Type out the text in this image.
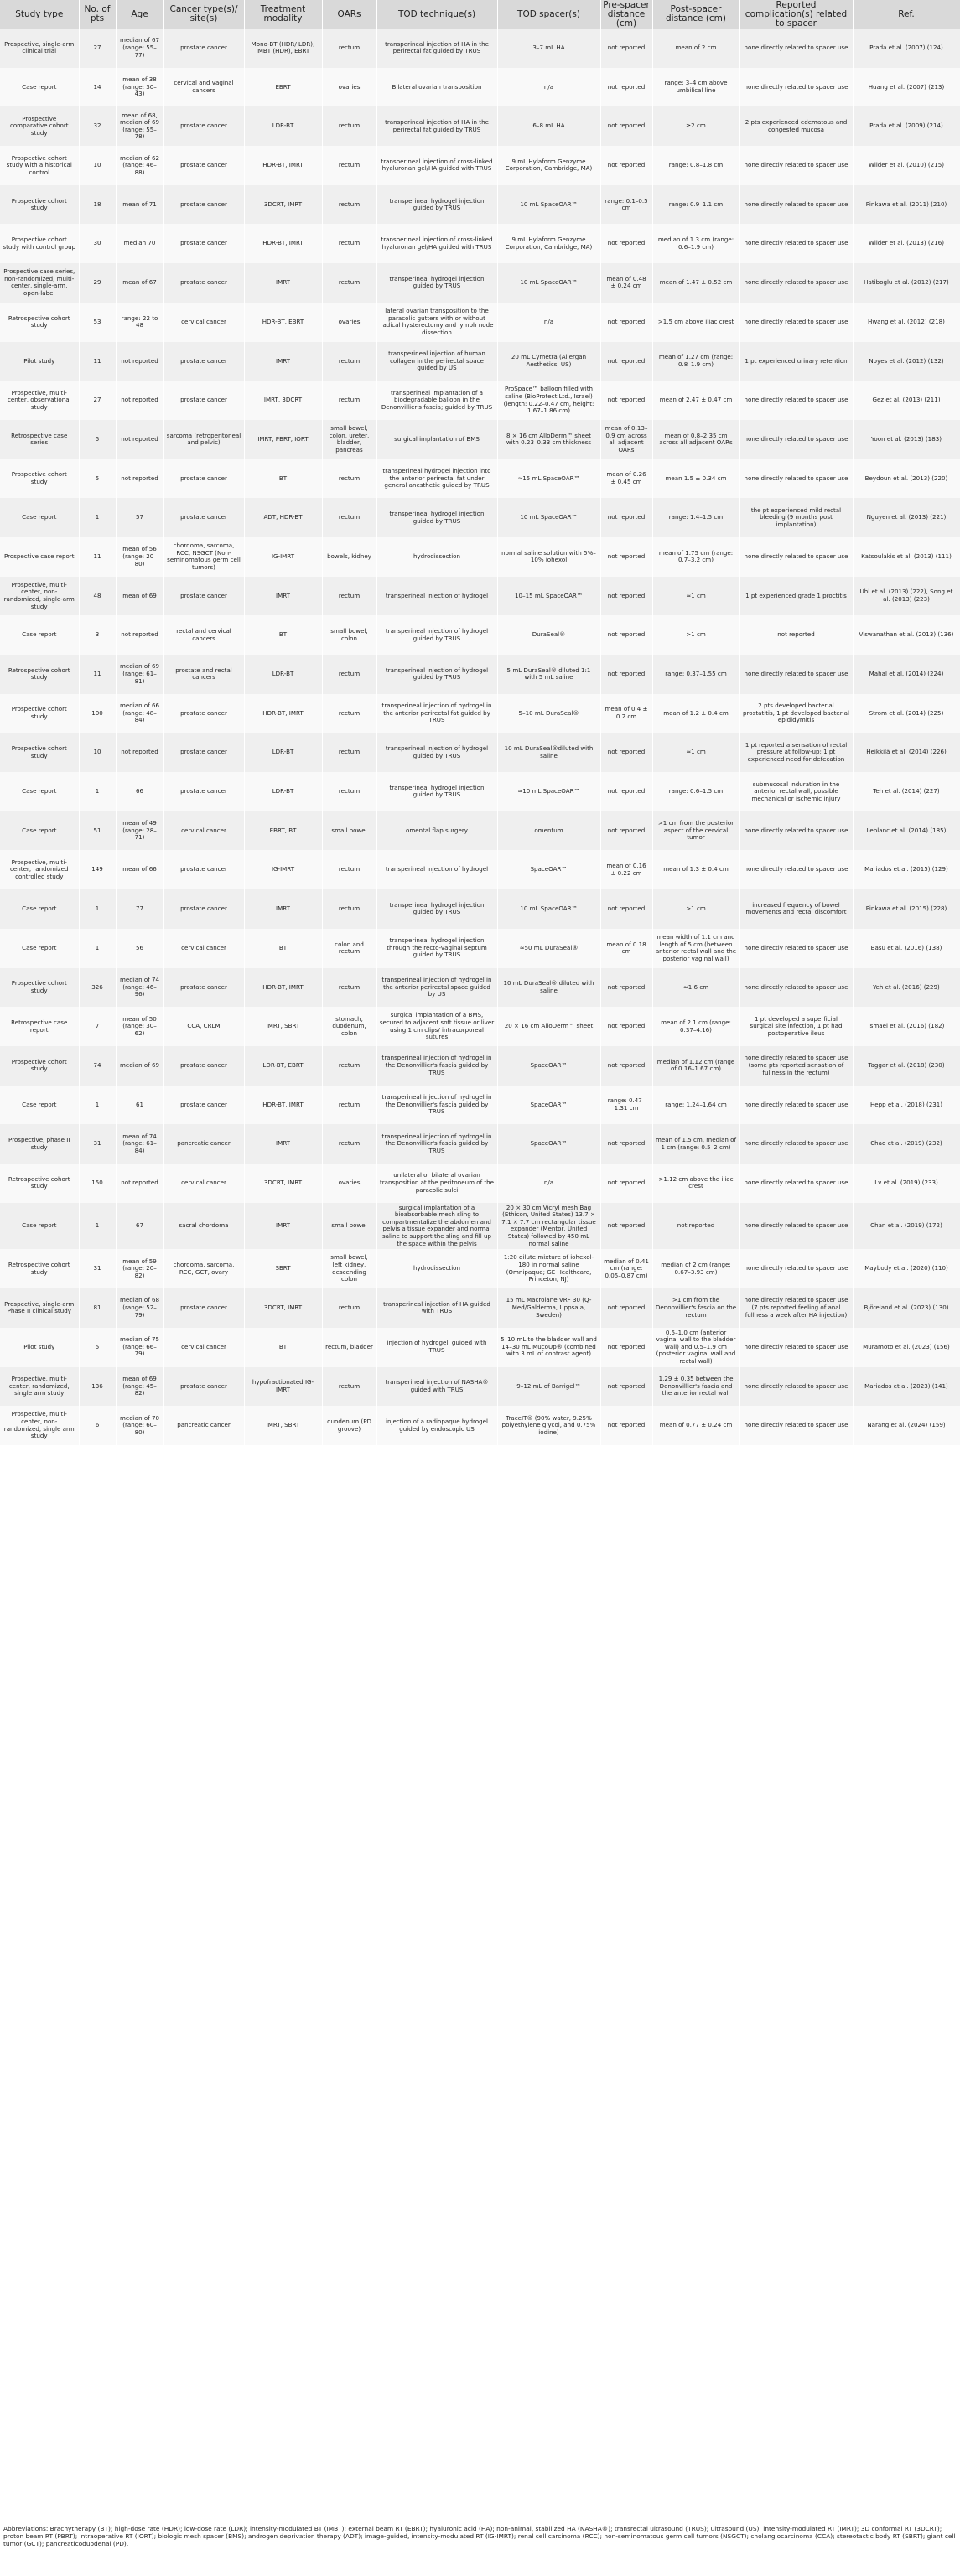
Study type	No. of pts	Age	Cancer type(s)/ site(s)	Treatment modality	OARs	TOD technique(s)	TOD spacer(s)	Pre-spacer distance (cm)	Post-spacer distance (cm)	Reported complication(s) related to spacer	Ref.
Prospective, single-arm clinical trial	27	median of 67 (range: 55–77)	prostate cancer	Mono-BT (HDR/ LDR), IMBT (HDR), EBRT	rectum	transperineal injection of HA in the perirectal fat guided by TRUS	3–7 mL HA	not reported	mean of 2 cm	none directly related to spacer use	Prada et al. (2007) (124)
Case report	14	mean of 38 (range: 30–43)	cervical and vaginal cancers	EBRT	ovaries	Bilateral ovarian transposition	n/a	not reported	range: 3–4 cm above umbilical line	none directly related to spacer use	Huang et al. (2007) (213)
Prospective comparative cohort study	32	mean of 68, median of 69 (range: 55–78)	prostate cancer	LDR-BT	rectum	transperineal injection of HA in the perirectal fat guided by TRUS	6–8 mL HA	not reported	≥2 cm	2 pts experienced edematous and congested mucosa	Prada et al. (2009) (214)
Prospective cohort study with a historical control	10	median of 62 (range: 46–88)	prostate cancer	HDR-BT, IMRT	rectum	transperineal injection of cross-linked hyaluronan gel/HA guided with TRUS	9 mL Hylaform Genzyme Corporation, Cambridge, MA)	not reported	range: 0.8–1.8 cm	none directly related to spacer use	Wilder et al. (2010) (215)
Prospective cohort study	18	mean of 71	prostate cancer	3DCRT, IMRT	rectum	transperineal hydrogel injection guided by TRUS	10 mL SpaceOAR™	range: 0.1–0.5 cm	range: 0.9–1.1 cm	none directly related to spacer use	Pinkawa et al. (2011) (210)
Prospective cohort study with control group	30	median 70	prostate cancer	HDR-BT, IMRT	rectum	transperineal injection of cross-linked hyaluronan gel/HA guided with TRUS	9 mL Hylaform Genzyme Corporation, Cambridge, MA)	not reported	median of 1.3 cm (range: 0.6–1.9 cm)	none directly related to spacer use	Wilder et al. (2013) (216)
Prospective case series, non-randomized, multi-center, single-arm, open-label	29	mean of 67	prostate cancer	IMRT	rectum	transperineal hydrogel injection guided by TRUS	10 mL SpaceOAR™	mean of 0.48 ± 0.24 cm	mean of 1.47 ± 0.52 cm	none directly related to spacer use	Hatiboglu et al. (2012) (217)
Retrospective cohort study	53	range: 22 to 48	cervical cancer	HDR-BT, EBRT	ovaries	lateral ovarian transposition to the paracolic gutters with or without radical hysterectomy and lymph node dissection	n/a	not reported	>1.5 cm above iliac crest	none directly related to spacer use	Hwang et al. (2012) (218)
Pilot study	11	not reported	prostate cancer	IMRT	rectum	transperineal injection of human collagen in the perirectal space guided by US	20 mL Cymetra (Allergan Aesthetics, US)	not reported	mean of 1.27 cm (range: 0.8–1.9 cm)	1 pt experienced urinary retention	Noyes et al. (2012) (132)
Prospective, multi-center, observational study	27	not reported	prostate cancer	IMRT, 3DCRT	rectum	transperineal implantation of a biodegradable balloon in the Denonvillier's fascia; guided by TRUS	ProSpace™ balloon filled with saline (BioProtect Ltd., Israel) (length: 0.22–0.47 cm, height: 1.67–1.86 cm)	not reported	mean of 2.47 ± 0.47 cm	none directly related to spacer use	Gez et al. (2013) (211)
Retrospective case series	5	not reported	sarcoma (retroperitoneal and pelvic)	IMRT, PBRT, IORT	small bowel, colon, ureter, bladder, pancreas	surgical implantation of BMS	8 × 16 cm AlloDerm™ sheet with 0.23–0.33 cm thickness	mean of 0.13–0.9 cm across all adjacent OARs	mean of 0.8–2.35 cm across all adjacent OARs	none directly related to spacer use	Yoon et al. (2013) (183)
Prospective cohort study	5	not reported	prostate cancer	BT	rectum	transperineal hydrogel injection into the anterior perirectal fat under general anesthetic guided by TRUS	≈15 mL SpaceOAR™	mean of 0.26 ± 0.45 cm	mean 1.5 ± 0.34 cm	none directly related to spacer use	Beydoun et al. (2013) (220)
Case report	1	57	prostate cancer	ADT, HDR-BT	rectum	transperineal hydrogel injection guided by TRUS	10 mL SpaceOAR™	not reported	range: 1.4–1.5 cm	the pt experienced mild rectal bleeding (9 months post implantation)	Nguyen et al. (2013) (221)
Prospective case report	11	mean of 56 (range: 20–80)	chordoma, sarcoma, RCC, NSGCT (Non-seminomatous germ cell tumors)	IG-IMRT	bowels, kidney	hydrodissection	normal saline solution with 5%–10% iohexol	not reported	mean of 1.75 cm (range: 0.7–3.2 cm)	none directly related to spacer use	Katsoulakis et al. (2013) (111)
Prospective, multi-center, non-randomized, single-arm study	48	mean of 69	prostate cancer	IMRT	rectum	transperineal injection of hydrogel	10–15 mL SpaceOAR™	not reported	≈1 cm	1 pt experienced grade 1 proctitis	Uhl et al. (2013) (222), Song et al. (2013) (223)
Case report	3	not reported	rectal and cervical cancers	BT	small bowel, colon	transperineal injection of hydrogel guided by TRUS	DuraSeal®	not reported	>1 cm	not reported	Viswanathan et al. (2013) (136)
Retrospective cohort study	11	median of 69 (range: 61–81)	prostate and rectal cancers	LDR-BT	rectum	transperineal injection of hydrogel guided by TRUS	5 mL DuraSeal® diluted 1:1 with 5 mL saline	not reported	range: 0.37–1.55 cm	none directly related to spacer use	Mahal et al. (2014) (224)
Prospective cohort study	100	median of 66 (range: 48–84)	prostate cancer	HDR-BT, IMRT	rectum	transperineal injection of hydrogel in the anterior perirectal fat guided by TRUS	5–10 mL DuraSeal®	mean of 0.4 ± 0.2 cm	mean of 1.2 ± 0.4 cm	2 pts developed bacterial prostatitis, 1 pt developed bacterial epididymitis	Strom et al. (2014) (225)
Prospective cohort study	10	not reported	prostate cancer	LDR-BT	rectum	transperineal injection of hydrogel guided by TRUS	10 mL DuraSeal®diluted with saline	not reported	≈1 cm	1 pt reported a sensation of rectal pressure at follow-up; 1 pt experienced need for defecation	Heikkilä et al. (2014) (226)
Case report	1	66	prostate cancer	LDR-BT	rectum	transperineal hydrogel injection guided by TRUS	≈10 mL SpaceOAR™	not reported	range: 0.6–1.5 cm	submucosal induration in the anterior rectal wall, possible mechanical or ischemic injury	Teh et al. (2014) (227)
Case report	51	mean of 49 (range: 28–71)	cervical cancer	EBRT, BT	small bowel	omental flap surgery	omentum	not reported	>1 cm from the posterior aspect of the cervical tumor	none directly related to spacer use	Leblanc et al. (2014) (185)
Prospective, multi-center, randomized controlled study	149	mean of 66	prostate cancer	IG-IMRT	rectum	transperineal injection of hydrogel	SpaceOAR™	mean of 0.16 ± 0.22 cm	mean of 1.3 ± 0.4 cm	none directly related to spacer use	Mariados et al. (2015) (129)
Case report	1	77	prostate cancer	IMRT	rectum	transperineal hydrogel injection guided by TRUS	10 mL SpaceOAR™	not reported	>1 cm	increased frequency of bowel movements and rectal discomfort	Pinkawa et al. (2015) (228)
Case report	1	56	cervical cancer	BT	colon and rectum	transperineal hydrogel injection through the recto-vaginal septum guided by TRUS	≈50 mL DuraSeal®	mean of 0.18 cm	mean width of 1.1 cm and length of 5 cm (between anterior rectal wall and the posterior vaginal wall)	none directly related to spacer use	Basu et al. (2016) (138)
Prospective cohort study	326	median of 74 (range: 46–96)	prostate cancer	HDR-BT, IMRT	rectum	transperineal injection of hydrogel in the anterior perirectal space guided by US	10 mL DuraSeal® diluted with saline	not reported	≈1.6 cm	none directly related to spacer use	Yeh et al. (2016) (229)
Retrospective case report	7	mean of 50 (range: 30–62)	CCA, CRLM	IMRT, SBRT	stomach, duodenum, colon	surgical implantation of a BMS, secured to adjacent soft tissue or liver using 1 cm clips/ intracorporeal sutures	20 × 16 cm AlloDerm™ sheet	not reported	mean of 2.1 cm (range: 0.37–4.16)	1 pt developed a superficial surgical site infection, 1 pt had postoperative ileus	Ismael et al. (2016) (182)
Prospective cohort study	74	median of 69	prostate cancer	LDR-BT, EBRT	rectum	transperineal injection of hydrogel in the Denonvillier's fascia guided by TRUS	SpaceOAR™	not reported	median of 1.12 cm (range of 0.16–1.67 cm)	none directly related to spacer use (some pts reported sensation of fullness in the rectum)	Taggar et al. (2018) (230)
Case report	1	61	prostate cancer	HDR-BT, IMRT	rectum	transperineal injection of hydrogel in the Denonvillier's fascia guided by TRUS	SpaceOAR™	range: 0.47–1.31 cm	range: 1.24–1.64 cm	none directly related to spacer use	Hepp et al. (2018) (231)
Prospective, phase II study	31	mean of 74 (range: 61–84)	pancreatic cancer	IMRT	rectum	transperineal injection of hydrogel in the Denonvillier's fascia guided by TRUS	SpaceOAR™	not reported	mean of 1.5 cm, median of 1 cm (range: 0.5–2 cm)	none directly related to spacer use	Chao et al. (2019) (232)
Retrospective cohort study	150	not reported	cervical cancer	3DCRT, IMRT	ovaries	unilateral or bilateral ovarian transposition at the peritoneum of the paracolic sulci	n/a	not reported	>1.12 cm above the iliac crest	none directly related to spacer use	Lv et al. (2019) (233)
Case report	1	67	sacral chordoma	IMRT	small bowel	surgical implantation of a bioabsorbable mesh sling to compartmentalize the abdomen and pelvis a tissue expander and normal saline to support the sling and fill up the space within the pelvis	20 × 30 cm Vicryl mesh Bag (Ethicon, United States) 13.7 × 7.1 × 7.7 cm rectangular tissue expander (Mentor, United States) followed by 450 mL normal saline	not reported	not reported	none directly related to spacer use	Chan et al. (2019) (172)
Retrospective cohort study	31	mean of 59 (range: 20–82)	chordoma, sarcoma, RCC, GCT, ovary	SBRT	small bowel, left kidney, descending colon	hydrodissection	1:20 dilute mixture of iohexol-180 in normal saline (Omnipaque; GE Healthcare, Princeton, NJ)	median of 0.41 cm (range: 0.05–0.87 cm)	median of 2 cm (range: 0.67–3.93 cm)	none directly related to spacer use	Maybody et al. (2020) (110)
Prospective, single-arm Phase II clinical study	81	median of 68 (range: 52–79)	prostate cancer	3DCRT, IMRT	rectum	transperineal injection of HA guided with TRUS	15 mL Macrolane VRF 30 (Q-Med/Galderma, Uppsala, Sweden)	not reported	>1 cm from the Denonvillier's fascia on the rectum	none directly related to spacer use (7 pts reported feeling of anal fullness a week after HA injection)	Björeland et al. (2023) (130)
Pilot study	5	median of 75 (range: 66–79)	cervical cancer	BT	rectum, bladder	injection of hydrogel, guided with TRUS	5–10 mL to the bladder wall and 14–30 mL MucoUp® (combined with 3 mL of contrast agent)	not reported	0.5–1.0 cm (anterior vaginal wall to the bladder wall) and 0.5–1.9 cm (posterior vaginal wall and rectal wall)	none directly related to spacer use	Muramoto et al. (2023) (156)
Prospective, multi-center, randomized, single arm study	136	mean of 69 (range: 45–82)	prostate cancer	hypofractionated IG-IMRT	rectum	transperineal injection of NASHA® guided with TRUS	9–12 mL of Barrigel™	not reported	1.29 ± 0.35 between the Denonvillier's fascia and the anterior rectal wall	none directly related to spacer use	Mariados et al. (2023) (141)
Prospective, multi-center, non-randomized, single arm study	6	median of 70 (range: 60–80)	pancreatic cancer	IMRT, SBRT	duodenum (PD groove)	injection of a radiopaque hydrogel guided by endoscopic US	TraceIT® (90% water, 9.25% polyethylene glycol, and 0.75% iodine)	not reported	mean of 0.77 ± 0.24 cm	none directly related to spacer use	Narang et al. (2024) (159)
Abbreviations: Brachytherapy (BT); high-dose rate (HDR); low-dose rate (LDR); intensity-modulated BT (IMBT); external beam RT (EBRT); hyaluronic acid (HA); non-animal, stabilized HA (NASHA®); transrectal ultrasound (TRUS); ultrasound (US); intensity-modulated RT (IMRT); 3D conformal RT (3DCRT); proton beam RT (PBRT); intraoperative RT (IORT); biologic mesh spacer (BMS); androgen deprivation therapy (ADT); image-guided, intensity-modulated RT (IG-IMRT); renal cell carcinoma (RCC); non-seminomatous germ cell tumors (NSGCT); cholangiocarcinoma (CCA); stereotactic body RT (SBRT); giant cell tumor (GCT); pancreaticoduodenal (PD).
